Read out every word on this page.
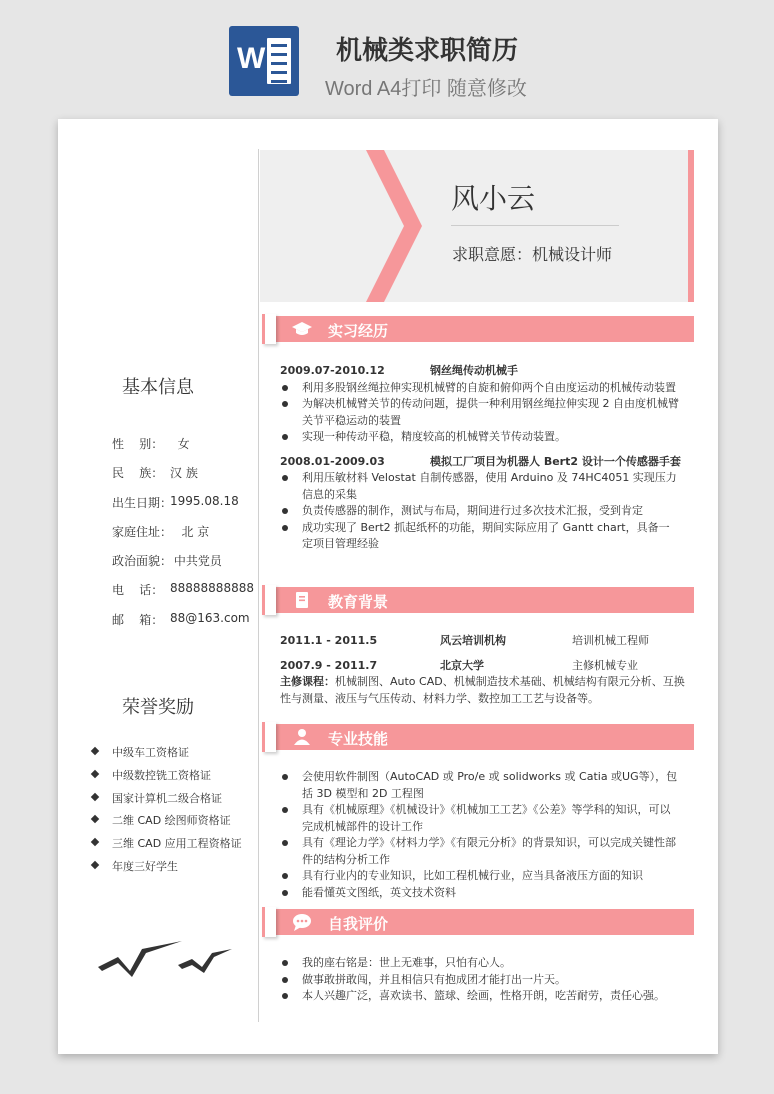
W	机械类求职简历
Word A4打印 随意修改
风小云
求职意愿：机械设计师
基本信息
性    别： 女
民    族： 汉 族
出生日期：
1995.08.18
家庭住址：
北 京
政治面貌：
中共党员
电    话： 88888888888
邮    箱： 88@163.com
荣誉奖励
中级车工资格证
中级数控铣工资格证
国家计算机二级合格证
二维 CAD 绘图师资格证
三维 CAD 应用工程资格证
年度三好学生
实习经历
2009.07-2010.12	钢丝绳传动机械手
利用多股钢丝绳拉伸实现机械臂的自旋和俯仰两个自由度运动的机械传动装置
为解决机械臂关节的传动问题，提供一种利用钢丝绳拉伸实现 2 自由度机械臂关节平稳运动的装置
实现一种传动平稳，精度较高的机械臂关节传动装置。
2008.01-2009.03	模拟工厂项目为机器人 Bert2 设计一个传感器手套
利用压敏材料 Velostat 自制传感器，使用 Arduino 及 74HC4051 实现压力信息的采集
负责传感器的制作，测试与布局，期间进行过多次技术汇报，受到肯定
成功实现了 Bert2 抓起纸杯的功能，期间实际应用了 Gantt chart，具备一定项目管理经验
教育背景
2011.1 - 2011.5	风云培训机构	培训机械工程师
2007.9 - 2011.7	北京大学	主修机械专业
主修课程：机械制图、Auto CAD、机械制造技术基础、机械结构有限元分析、互换性与测量、液压与气压传动、材料力学、数控加工工艺与设备等。
专业技能
会使用软件制图（AutoCAD 或 Pro/e 或 solidworks 或 Catia 或UG等），包括 3D 模型和 2D 工程图
具有《机械原理》《机械设计》《机械加工工艺》《公差》等学科的知识，可以完成机械部件的设计工作
具有《理论力学》《材料力学》《有限元分析》的背景知识，可以完成关键性部件的结构分析工作
具有行业内的专业知识，比如工程机械行业，应当具备液压方面的知识
能看懂英文图纸，英文技术资料
自我评价
我的座右铭是：世上无难事，只怕有心人。
做事敢拼敢闯，并且相信只有抱成团才能打出一片天。
本人兴趣广泛，喜欢读书、篮球、绘画，性格开朗，吃苦耐劳，责任心强。
